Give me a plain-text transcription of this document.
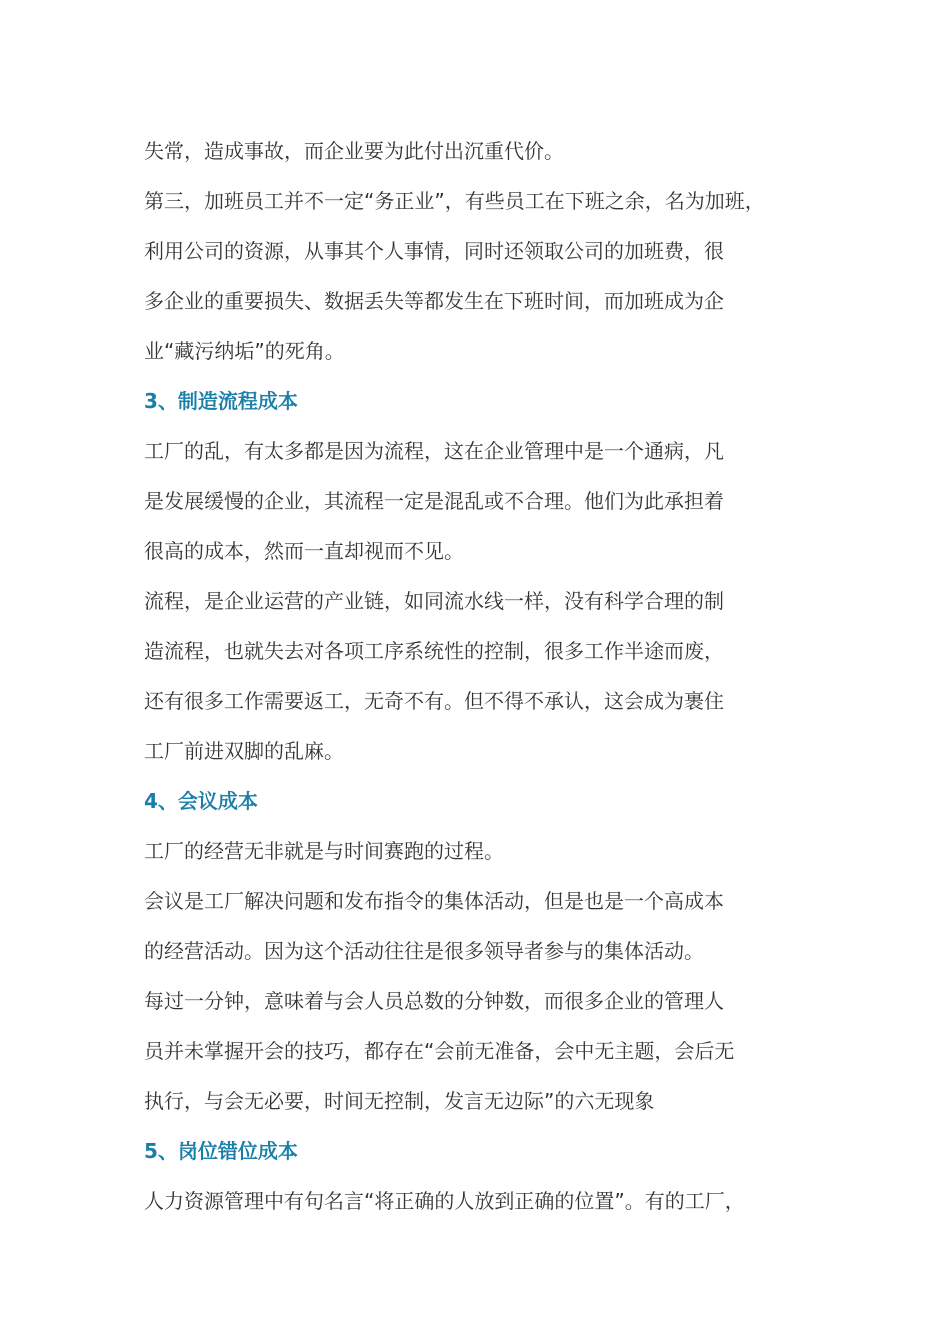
失常，造成事故，而企业要为此付出沉重代价。
第三，加班员工并不一定“务正业”，有些员工在下班之余，名为加班，
利用公司的资源，从事其个人事情，同时还领取公司的加班费，很
多企业的重要损失、数据丢失等都发生在下班时间，而加班成为企
业“藏污纳垢”的死角。
3、制造流程成本
工厂的乱，有太多都是因为流程，这在企业管理中是一个通病，凡
是发展缓慢的企业，其流程一定是混乱或不合理。他们为此承担着
很高的成本，然而一直却视而不见。
流程，是企业运营的产业链，如同流水线一样，没有科学合理的制
造流程，也就失去对各项工序系统性的控制，很多工作半途而废，
还有很多工作需要返工，无奇不有。但不得不承认，这会成为裹住
工厂前进双脚的乱麻。
4、会议成本
工厂的经营无非就是与时间赛跑的过程。
会议是工厂解决问题和发布指令的集体活动，但是也是一个高成本
的经营活动。因为这个活动往往是很多领导者参与的集体活动。
每过一分钟，意味着与会人员总数的分钟数，而很多企业的管理人
员并未掌握开会的技巧，都存在“会前无准备，会中无主题，会后无
执行，与会无必要，时间无控制，发言无边际”的六无现象
5、岗位错位成本
人力资源管理中有句名言“将正确的人放到正确的位置”。有的工厂，
